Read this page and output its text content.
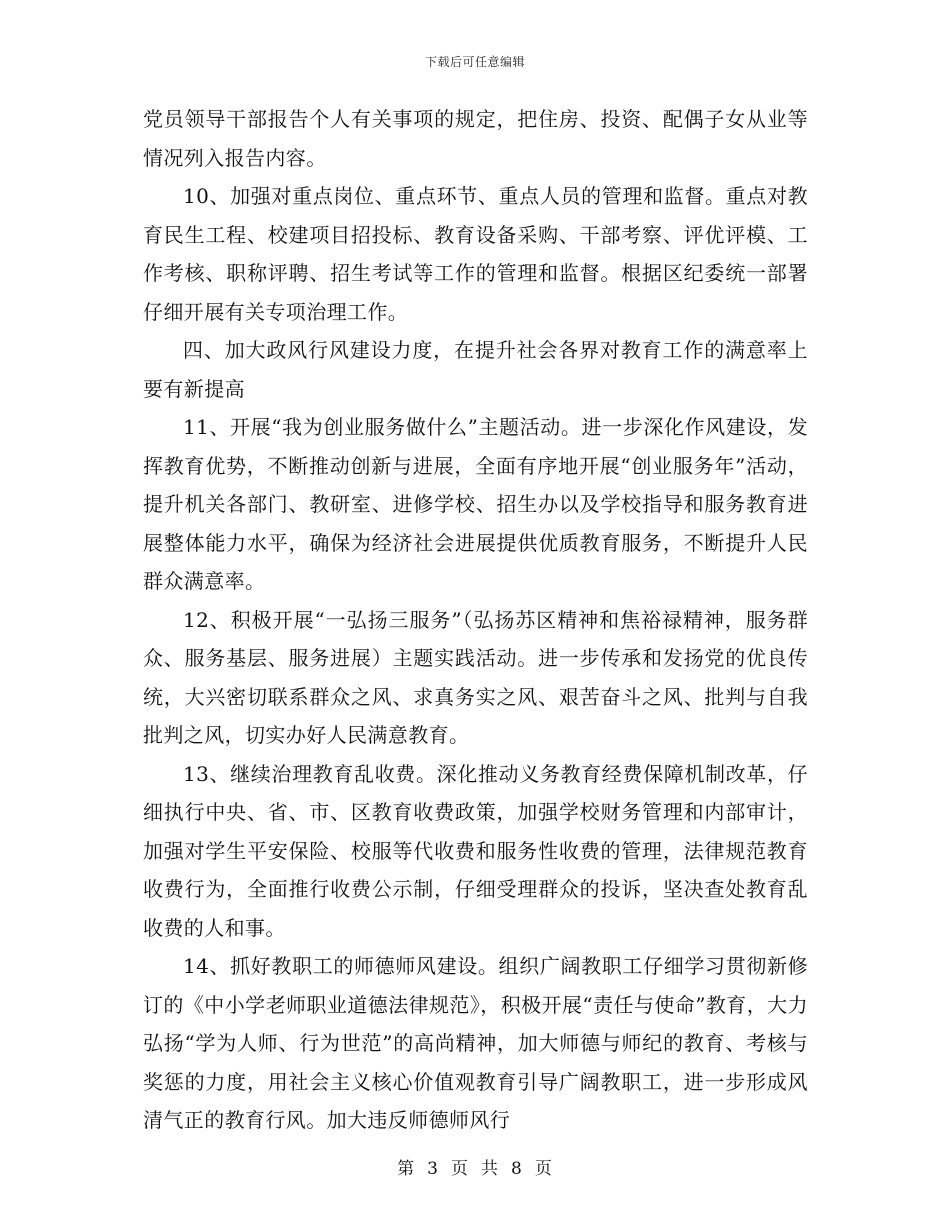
下载后可任意编辑

党员领导干部报告个人有关事项的规定，把住房、投资、配偶子女从业等情况列入报告内容。

10、加强对重点岗位、重点环节、重点人员的管理和监督。重点对教育民生工程、校建项目招投标、教育设备采购、干部考察、评优评模、工作考核、职称评聘、招生考试等工作的管理和监督。根据区纪委统一部署仔细开展有关专项治理工作。

四、加大政风行风建设力度，在提升社会各界对教育工作的满意率上要有新提高

11、开展“我为创业服务做什么”主题活动。进一步深化作风建设，发挥教育优势，不断推动创新与进展，全面有序地开展“创业服务年”活动，提升机关各部门、教研室、进修学校、招生办以及学校指导和服务教育进展整体能力水平，确保为经济社会进展提供优质教育服务，不断提升人民群众满意率。

12、积极开展“一弘扬三服务”（弘扬苏区精神和焦裕禄精神，服务群众、服务基层、服务进展）主题实践活动。进一步传承和发扬党的优良传统，大兴密切联系群众之风、求真务实之风、艰苦奋斗之风、批判与自我批判之风，切实办好人民满意教育。

13、继续治理教育乱收费。深化推动义务教育经费保障机制改革，仔细执行中央、省、市、区教育收费政策，加强学校财务管理和内部审计，加强对学生平安保险、校服等代收费和服务性收费的管理，法律规范教育收费行为，全面推行收费公示制，仔细受理群众的投诉，坚决查处教育乱收费的人和事。

14、抓好教职工的师德师风建设。组织广阔教职工仔细学习贯彻新修订的《中小学老师职业道德法律规范》，积极开展“责任与使命”教育，大力弘扬“学为人师、行为世范”的高尚精神，加大师德与师纪的教育、考核与奖惩的力度，用社会主义核心价值观教育引导广阔教职工，进一步形成风清气正的教育行风。加大违反师德师风行

第 3 页 共 8 页
